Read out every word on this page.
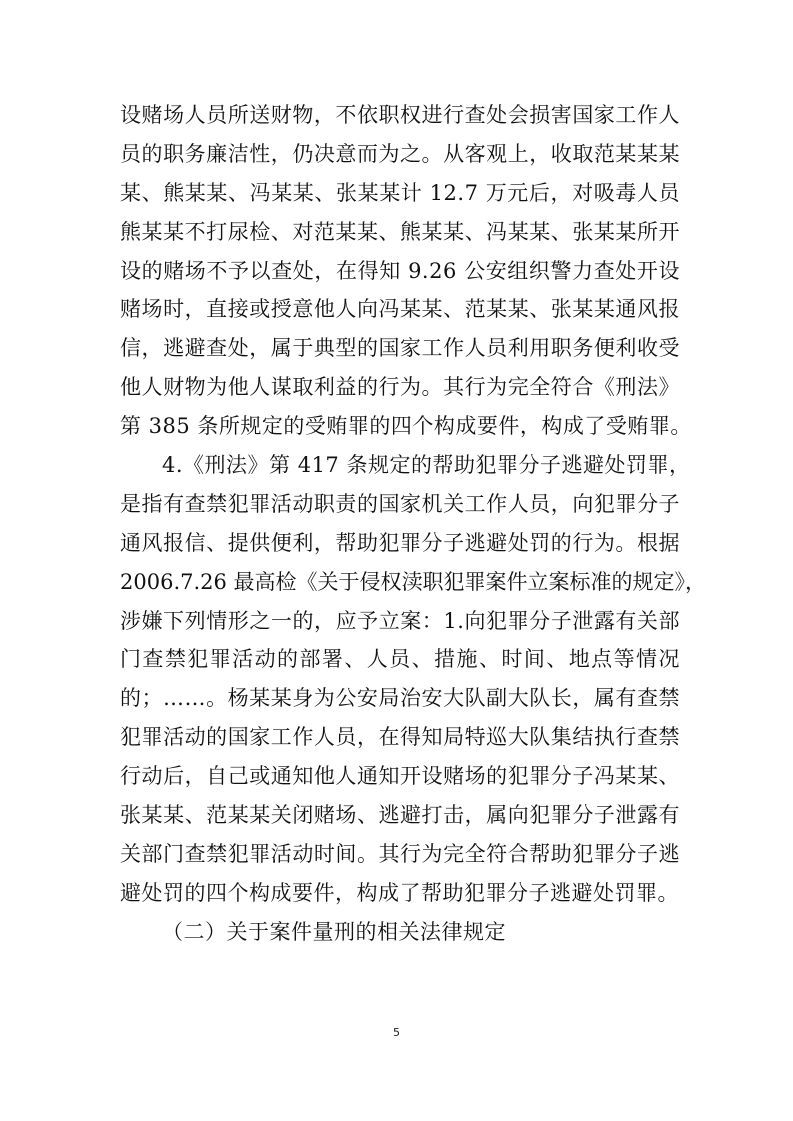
设赌场人员所送财物，不依职权进行查处会损害国家工作人
员的职务廉洁性，仍决意而为之。从客观上，收取范某某某
某、熊某某、冯某某、张某某计 12.7 万元后，对吸毒人员
熊某某不打尿检、对范某某、熊某某、冯某某、张某某所开
设的赌场不予以查处，在得知 9.26 公安组织警力查处开设
赌场时，直接或授意他人向冯某某、范某某、张某某通风报
信，逃避查处，属于典型的国家工作人员利用职务便利收受
他人财物为他人谋取利益的行为。其行为完全符合《刑法》
第 385 条所规定的受贿罪的四个构成要件，构成了受贿罪。
4.《刑法》第 417 条规定的帮助犯罪分子逃避处罚罪，
是指有查禁犯罪活动职责的国家机关工作人员，向犯罪分子
通风报信、提供便利，帮助犯罪分子逃避处罚的行为。根据
2006.7.26 最高检《关于侵权渎职犯罪案件立案标准的规定》，
涉嫌下列情形之一的，应予立案：1.向犯罪分子泄露有关部
门查禁犯罪活动的部署、人员、措施、时间、地点等情况
的；……。杨某某身为公安局治安大队副大队长，属有查禁
犯罪活动的国家工作人员，在得知局特巡大队集结执行查禁
行动后，自己或通知他人通知开设赌场的犯罪分子冯某某、
张某某、范某某关闭赌场、逃避打击，属向犯罪分子泄露有
关部门查禁犯罪活动时间。其行为完全符合帮助犯罪分子逃
避处罚的四个构成要件，构成了帮助犯罪分子逃避处罚罪。
（二）关于案件量刑的相关法律规定
5
